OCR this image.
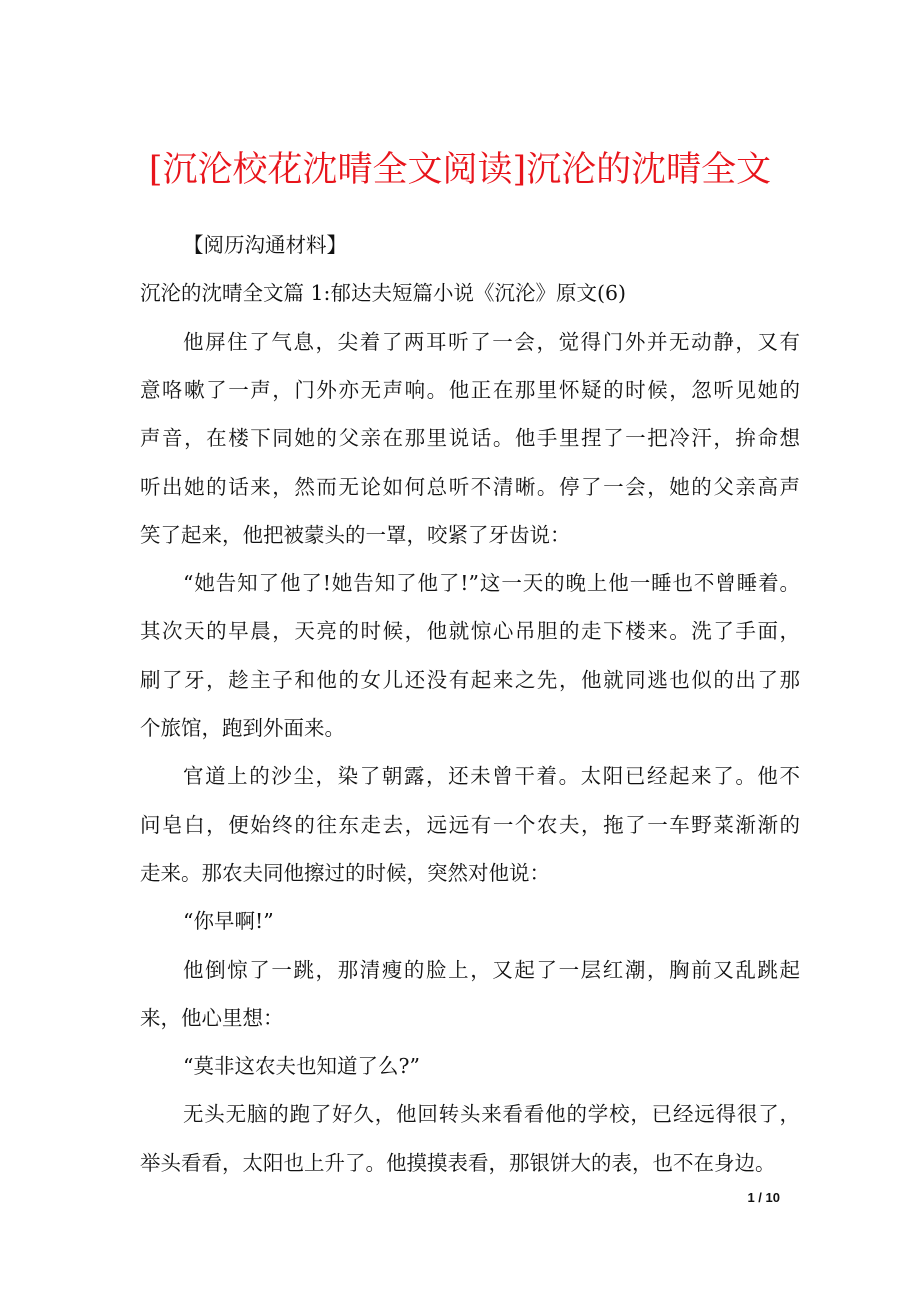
[沉沦校花沈晴全文阅读]沉沦的沈晴全文
【阅历沟通材料】
沉沦的沈晴全文篇 1:郁达夫短篇小说《沉沦》原文(6)
他屏住了气息，尖着了两耳听了一会，觉得门外并无动静，又有
意咯嗽了一声，门外亦无声响。他正在那里怀疑的时候，忽听见她的
声音，在楼下同她的父亲在那里说话。他手里捏了一把冷汗，拚命想
听出她的话来，然而无论如何总听不清晰。停了一会，她的父亲高声
笑了起来，他把被蒙头的一罩，咬紧了牙齿说：
“她告知了他了!她告知了他了!”这一天的晚上他一睡也不曾睡着。
其次天的早晨，天亮的时候，他就惊心吊胆的走下楼来。洗了手面，
刷了牙，趁主子和他的女儿还没有起来之先，他就同逃也似的出了那
个旅馆，跑到外面来。
官道上的沙尘，染了朝露，还未曾干着。太阳已经起来了。他不
问皂白，便始终的往东走去，远远有一个农夫，拖了一车野菜渐渐的
走来。那农夫同他擦过的时候，突然对他说：
“你早啊!”
他倒惊了一跳，那清瘦的脸上，又起了一层红潮，胸前又乱跳起
来，他心里想：
“莫非这农夫也知道了么?”
无头无脑的跑了好久，他回转头来看看他的学校，已经远得很了，
举头看看，太阳也上升了。他摸摸表看，那银饼大的表，也不在身边。
1 / 10
